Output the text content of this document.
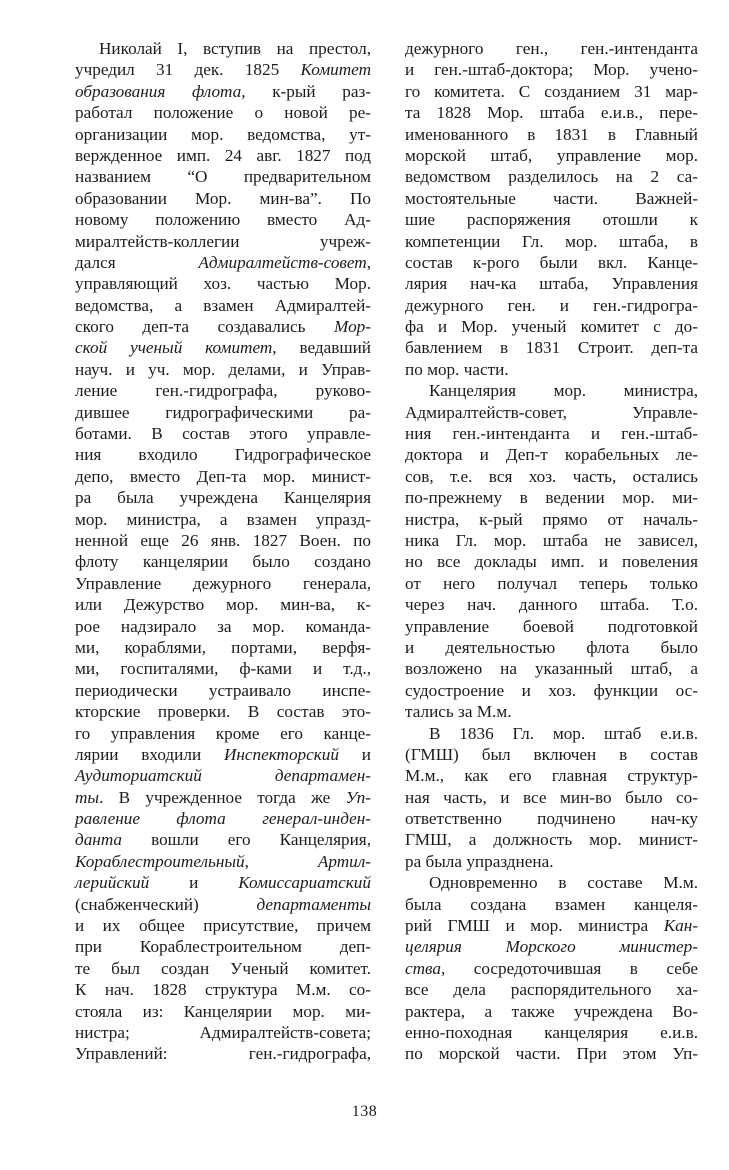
Николай I, вступив на престол,
учредил 31 дек. 1825 Комитет
образования флота, к-рый раз-
работал положение о новой ре-
организации мор. ведомства, ут-
вержденное имп. 24 авг. 1827 под
названием “О предварительном
образовании Мор. мин-ва”. По
новому положению вместо Ад-
миралтейств-коллегии учреж-
дался Адмиралтейств-совет,
управляющий хоз. частью Мор.
ведомства, а взамен Адмиралтей-
ского деп-та создавались Мор-
ской ученый комитет, ведавший
науч. и уч. мор. делами, и Управ-
ление ген.-гидрографа, руково-
дившее гидрографическими ра-
ботами. В состав этого управле-
ния входило Гидрографическое
депо, вместо Деп-та мор. минист-
ра была учреждена Канцелярия
мор. министра, а взамен упразд-
ненной еще 26 янв. 1827 Воен. по
флоту канцелярии было создано
Управление дежурного генерала,
или Дежурство мор. мин-ва, к-
рое надзирало за мор. команда-
ми, кораблями, портами, верфя-
ми, госпиталями, ф-ками и т.д.,
периодически устраивало инспе-
кторские проверки. В состав это-
го управления кроме его канце-
лярии входили Инспекторский и
Аудиториатский департамен-
ты. В учрежденное тогда же Уп-
равление флота генерал-инден-
данта вошли его Канцелярия,
Кораблестроительный, Артил-
лерийский и Комиссариатский
(снабженческий) департаменты
и их общее присутствие, причем
при Кораблестроительном деп-
те был создан Ученый комитет.
К нач. 1828 структура М.м. со-
стояла из: Канцелярии мор. ми-
нистра; Адмиралтейств-совета;
Управлений: ген.-гидрографа,
дежурного ген., ген.-интенданта
и ген.-штаб-доктора; Мор. учено-
го комитета. С созданием 31 мар-
та 1828 Мор. штаба е.и.в., пере-
именованного в 1831 в Главный
морской штаб, управление мор.
ведомством разделилось на 2 са-
мостоятельные части. Важней-
шие распоряжения отошли к
компетенции Гл. мор. штаба, в
состав к-рого были вкл. Канце-
лярия нач-ка штаба, Управления
дежурного ген. и ген.-гидрогра-
фа и Мор. ученый комитет с до-
бавлением в 1831 Строит. деп-та
по мор. части.
Канцелярия мор. министра,
Адмиралтейств-совет, Управле-
ния ген.-интенданта и ген.-штаб-
доктора и Деп-т корабельных ле-
сов, т.е. вся хоз. часть, остались
по-прежнему в ведении мор. ми-
нистра, к-рый прямо от началь-
ника Гл. мор. штаба не зависел,
но все доклады имп. и повеления
от него получал теперь только
через нач. данного штаба. Т.о.
управление боевой подготовкой
и деятельностью флота было
возложено на указанный штаб, а
судостроение и хоз. функции ос-
тались за М.м.
В 1836 Гл. мор. штаб е.и.в.
(ГМШ) был включен в состав
М.м., как его главная структур-
ная часть, и все мин-во было со-
ответственно подчинено нач-ку
ГМШ, а должность мор. минист-
ра была упразднена.
Одновременно в составе М.м.
была создана взамен канцеля-
рий ГМШ и мор. министра Кан-
целярия Морского министер-
ства, сосредоточившая в себе
все дела распорядительного ха-
рактера, а также учреждена Во-
енно-походная канцелярия е.и.в.
по морской части. При этом Уп-
138
